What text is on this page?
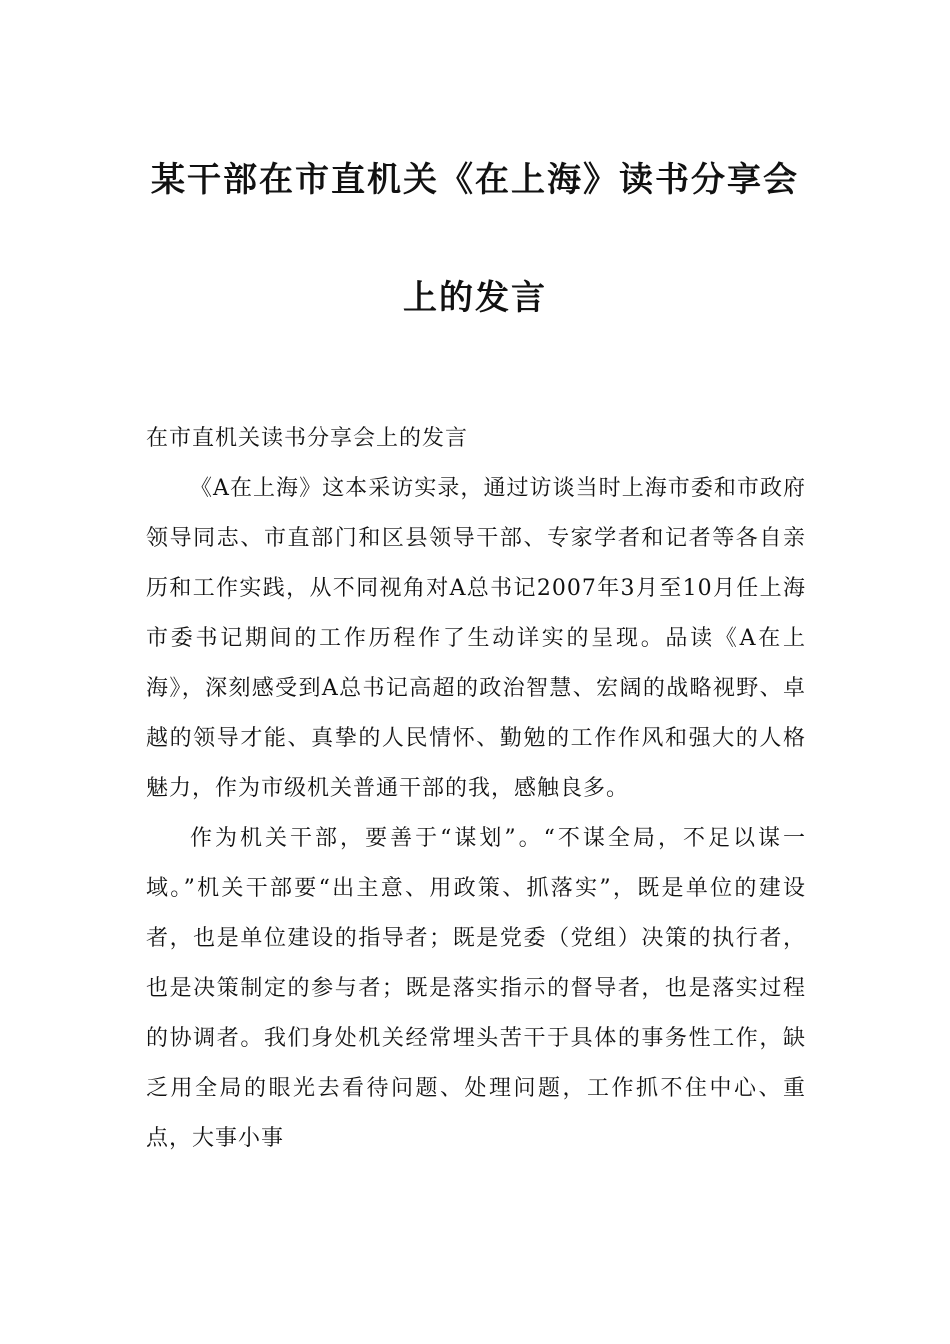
某干部在市直机关《在上海》读书分享会
上的发言

在市直机关读书分享会上的发言

《A在上海》这本采访实录，通过访谈当时上海市委和市政府领导同志、市直部门和区县领导干部、专家学者和记者等各自亲历和工作实践，从不同视角对A总书记2007年3月至10月任上海市委书记期间的工作历程作了生动详实的呈现。品读《A在上海》，深刻感受到A总书记高超的政治智慧、宏阔的战略视野、卓越的领导才能、真挚的人民情怀、勤勉的工作作风和强大的人格魅力，作为市级机关普通干部的我，感触良多。

作为机关干部，要善于“谋划”。“不谋全局，不足以谋一域。”机关干部要“出主意、用政策、抓落实”，既是单位的建设者，也是单位建设的指导者；既是党委（党组）决策的执行者，也是决策制定的参与者；既是落实指示的督导者，也是落实过程的协调者。我们身处机关经常埋头苦干于具体的事务性工作，缺乏用全局的眼光去看待问题、处理问题，工作抓不住中心、重点，大事小事
